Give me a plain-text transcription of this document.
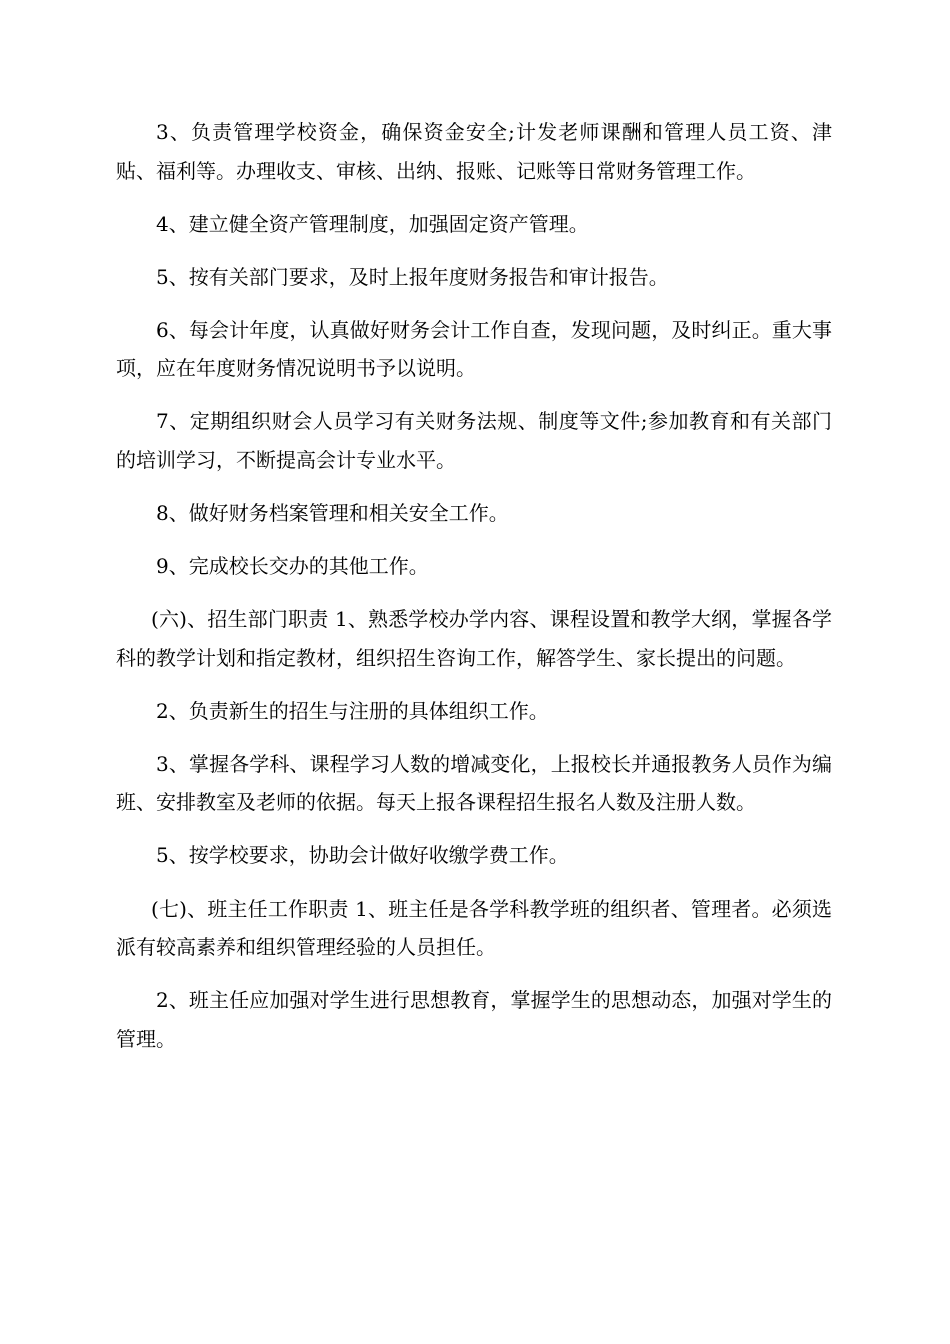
3、负责管理学校资金，确保资金安全;计发老师课酬和管理人员工资、津贴、福利等。办理收支、审核、出纳、报账、记账等日常财务管理工作。

4、建立健全资产管理制度，加强固定资产管理。

5、按有关部门要求，及时上报年度财务报告和审计报告。

6、每会计年度，认真做好财务会计工作自查，发现问题，及时纠正。重大事项，应在年度财务情况说明书予以说明。

7、定期组织财会人员学习有关财务法规、制度等文件;参加教育和有关部门的培训学习，不断提高会计专业水平。

8、做好财务档案管理和相关安全工作。

9、完成校长交办的其他工作。

(六)、招生部门职责 1、熟悉学校办学内容、课程设置和教学大纲，掌握各学科的教学计划和指定教材，组织招生咨询工作，解答学生、家长提出的问题。

2、负责新生的招生与注册的具体组织工作。

3、掌握各学科、课程学习人数的增减变化，上报校长并通报教务人员作为编班、安排教室及老师的依据。每天上报各课程招生报名人数及注册人数。

5、按学校要求，协助会计做好收缴学费工作。

(七)、班主任工作职责 1、班主任是各学科教学班的组织者、管理者。必须选派有较高素养和组织管理经验的人员担任。

2、班主任应加强对学生进行思想教育，掌握学生的思想动态，加强对学生的管理。
